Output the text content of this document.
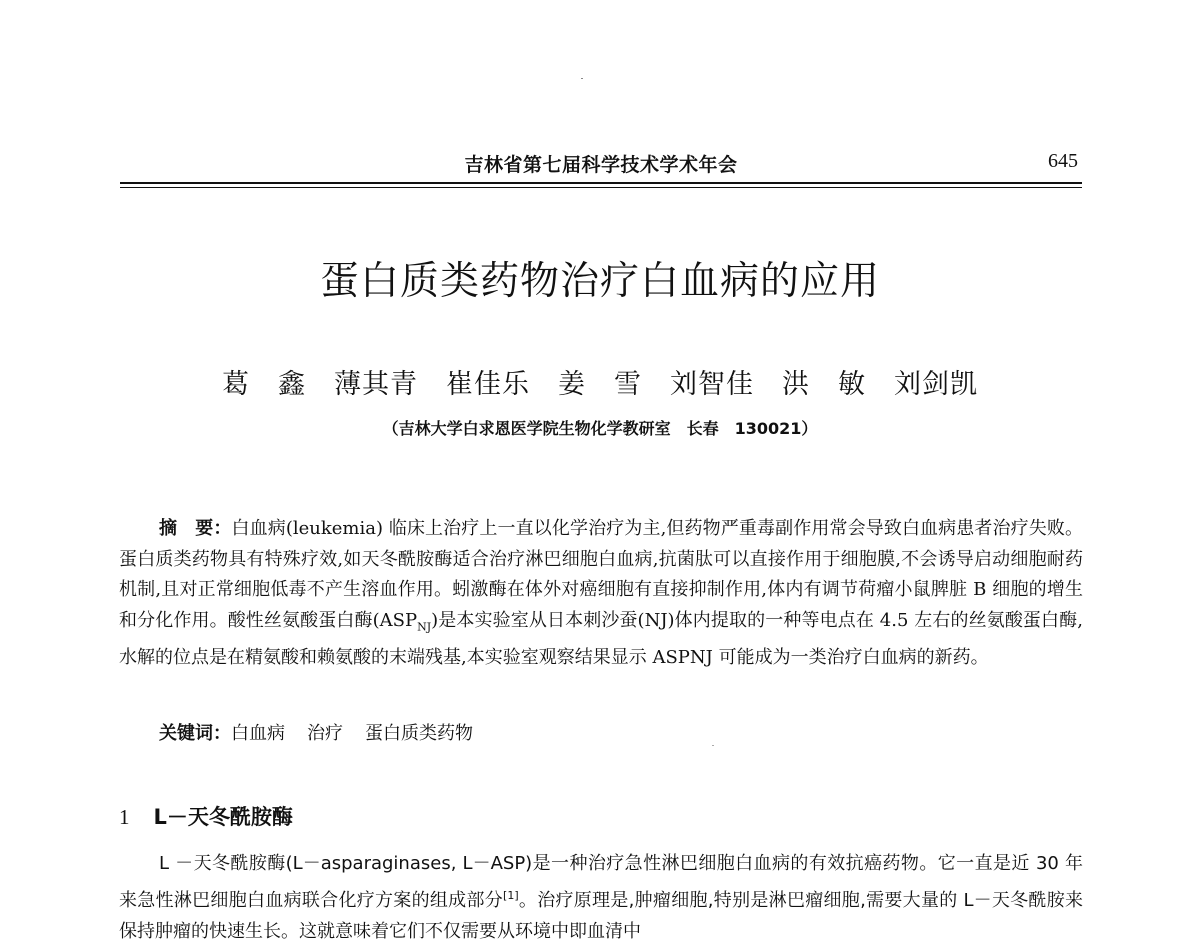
吉林省第七届科学技术学术年会	645
蛋白质类药物治疗白血病的应用
葛　鑫 薄其青 崔佳乐 姜　雪 刘智佳 洪　敏 刘剑凯
（吉林大学白求恩医学院生物化学教研室　长春　130021）

摘　要：白血病(leukemia) 临床上治疗上一直以化学治疗为主,但药物严重毒副作用常会导致白血病患者治疗失败。蛋白质类药物具有特殊疗效,如天冬酰胺酶适合治疗淋巴细胞白血病,抗菌肽可以直接作用于细胞膜,不会诱导启动细胞耐药机制,且对正常细胞低毒不产生溶血作用。蚓激酶在体外对癌细胞有直接抑制作用,体内有调节荷瘤小鼠脾脏 B 细胞的增生和分化作用。酸性丝氨酸蛋白酶$(ASP_{NJ})$是本实验室从日本刺沙蚕(NJ)体内提取的一种等电点在 4.5 左右的丝氨酸蛋白酶,水解的位点是在精氨酸和赖氨酸的末端残基,本实验室观察结果显示 ASPNJ 可能成为一类治疗白血病的新药。

关键词：白血病 治疗 蛋白质类药物

1 L－天冬酰胺酶

L －天冬酰胺酶(L－asparaginases, L－ASP)是一种治疗急性淋巴细胞白血病的有效抗癌药物。它一直是近 30 年来急性淋巴细胞白血病联合化疗方案的组成部分[1]。治疗原理是,肿瘤细胞,特别是淋巴瘤细胞,需要大量的 L－天冬酰胺来保持肿瘤的快速生长。这就意味着它们不仅需要从环境中即血清中
